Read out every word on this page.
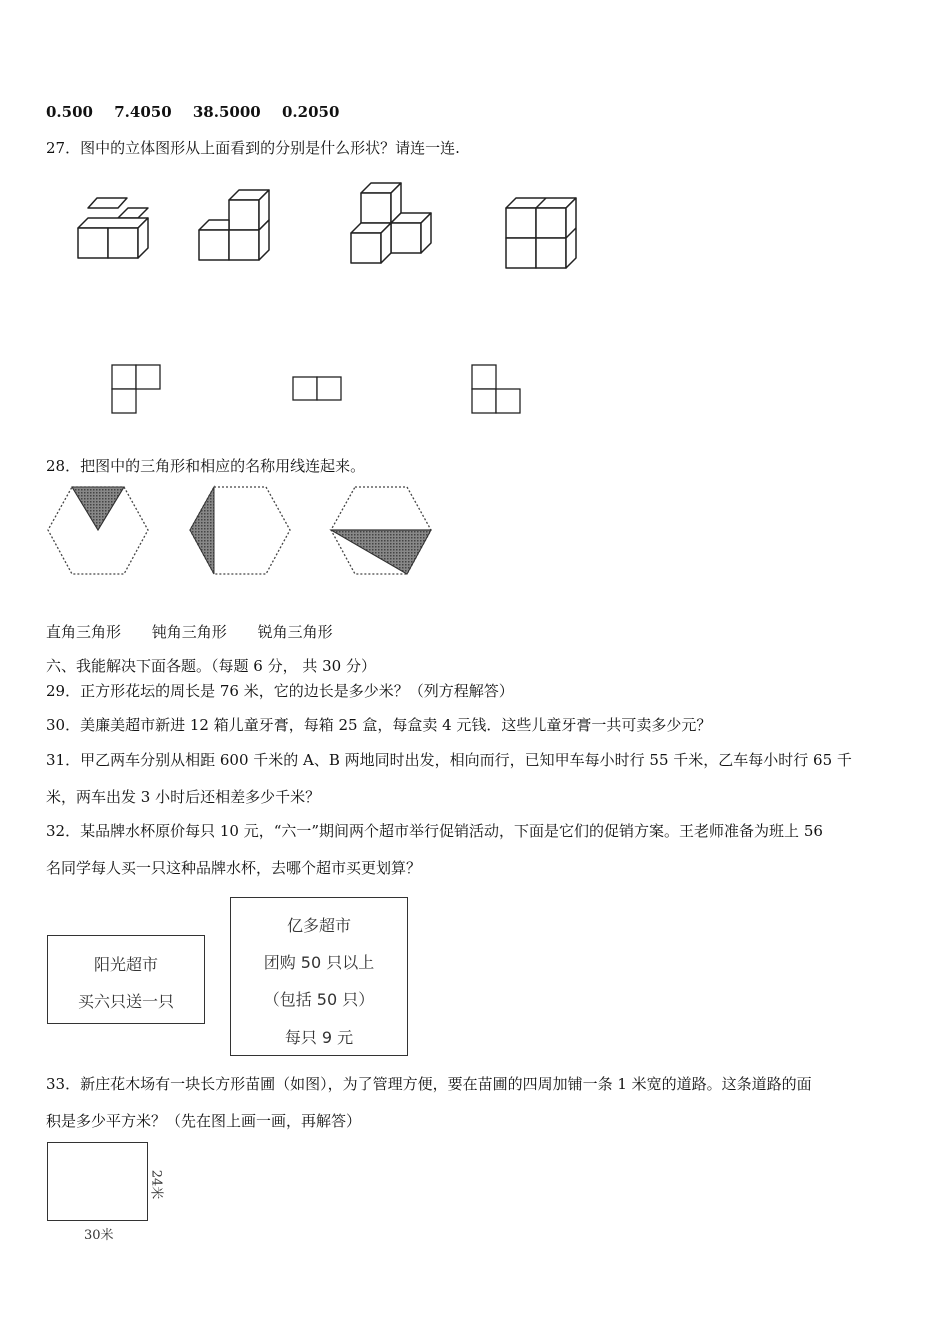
0.500 7.4050 38.5000 0.2050
27．图中的立体图形从上面看到的分别是什么形状？请连一连.
28．把图中的三角形和相应的名称用线连起来。
直角三角形 钝角三角形 锐角三角形
六、我能解决下面各题。（每题 6 分， 共 30 分）
29．正方形花坛的周长是 76 米，它的边长是多少米？（列方程解答）
30．美廉美超市新进 12 箱儿童牙膏，每箱 25 盒，每盒卖 4 元钱．这些儿童牙膏一共可卖多少元？
31．甲乙两车分别从相距 600 千米的 A、B 两地同时出发，相向而行，已知甲车每小时行 55 千米，乙车每小时行 65 千
米，两车出发 3 小时后还相差多少千米？
32．某品牌水杯原价每只 10 元，“六一”期间两个超市举行促销活动，下面是它们的促销方案。王老师准备为班上 56
名同学每人买一只这种品牌水杯，去哪个超市买更划算？
阳光超市
买六只送一只
亿多超市
团购 50 只以上
（包括 50 只）
每只 9 元
33．新庄花木场有一块长方形苗圃（如图），为了管理方便，要在苗圃的四周加铺一条 1 米宽的道路。这条道路的面
积是多少平方米？（先在图上画一画，再解答）
30米
24米
